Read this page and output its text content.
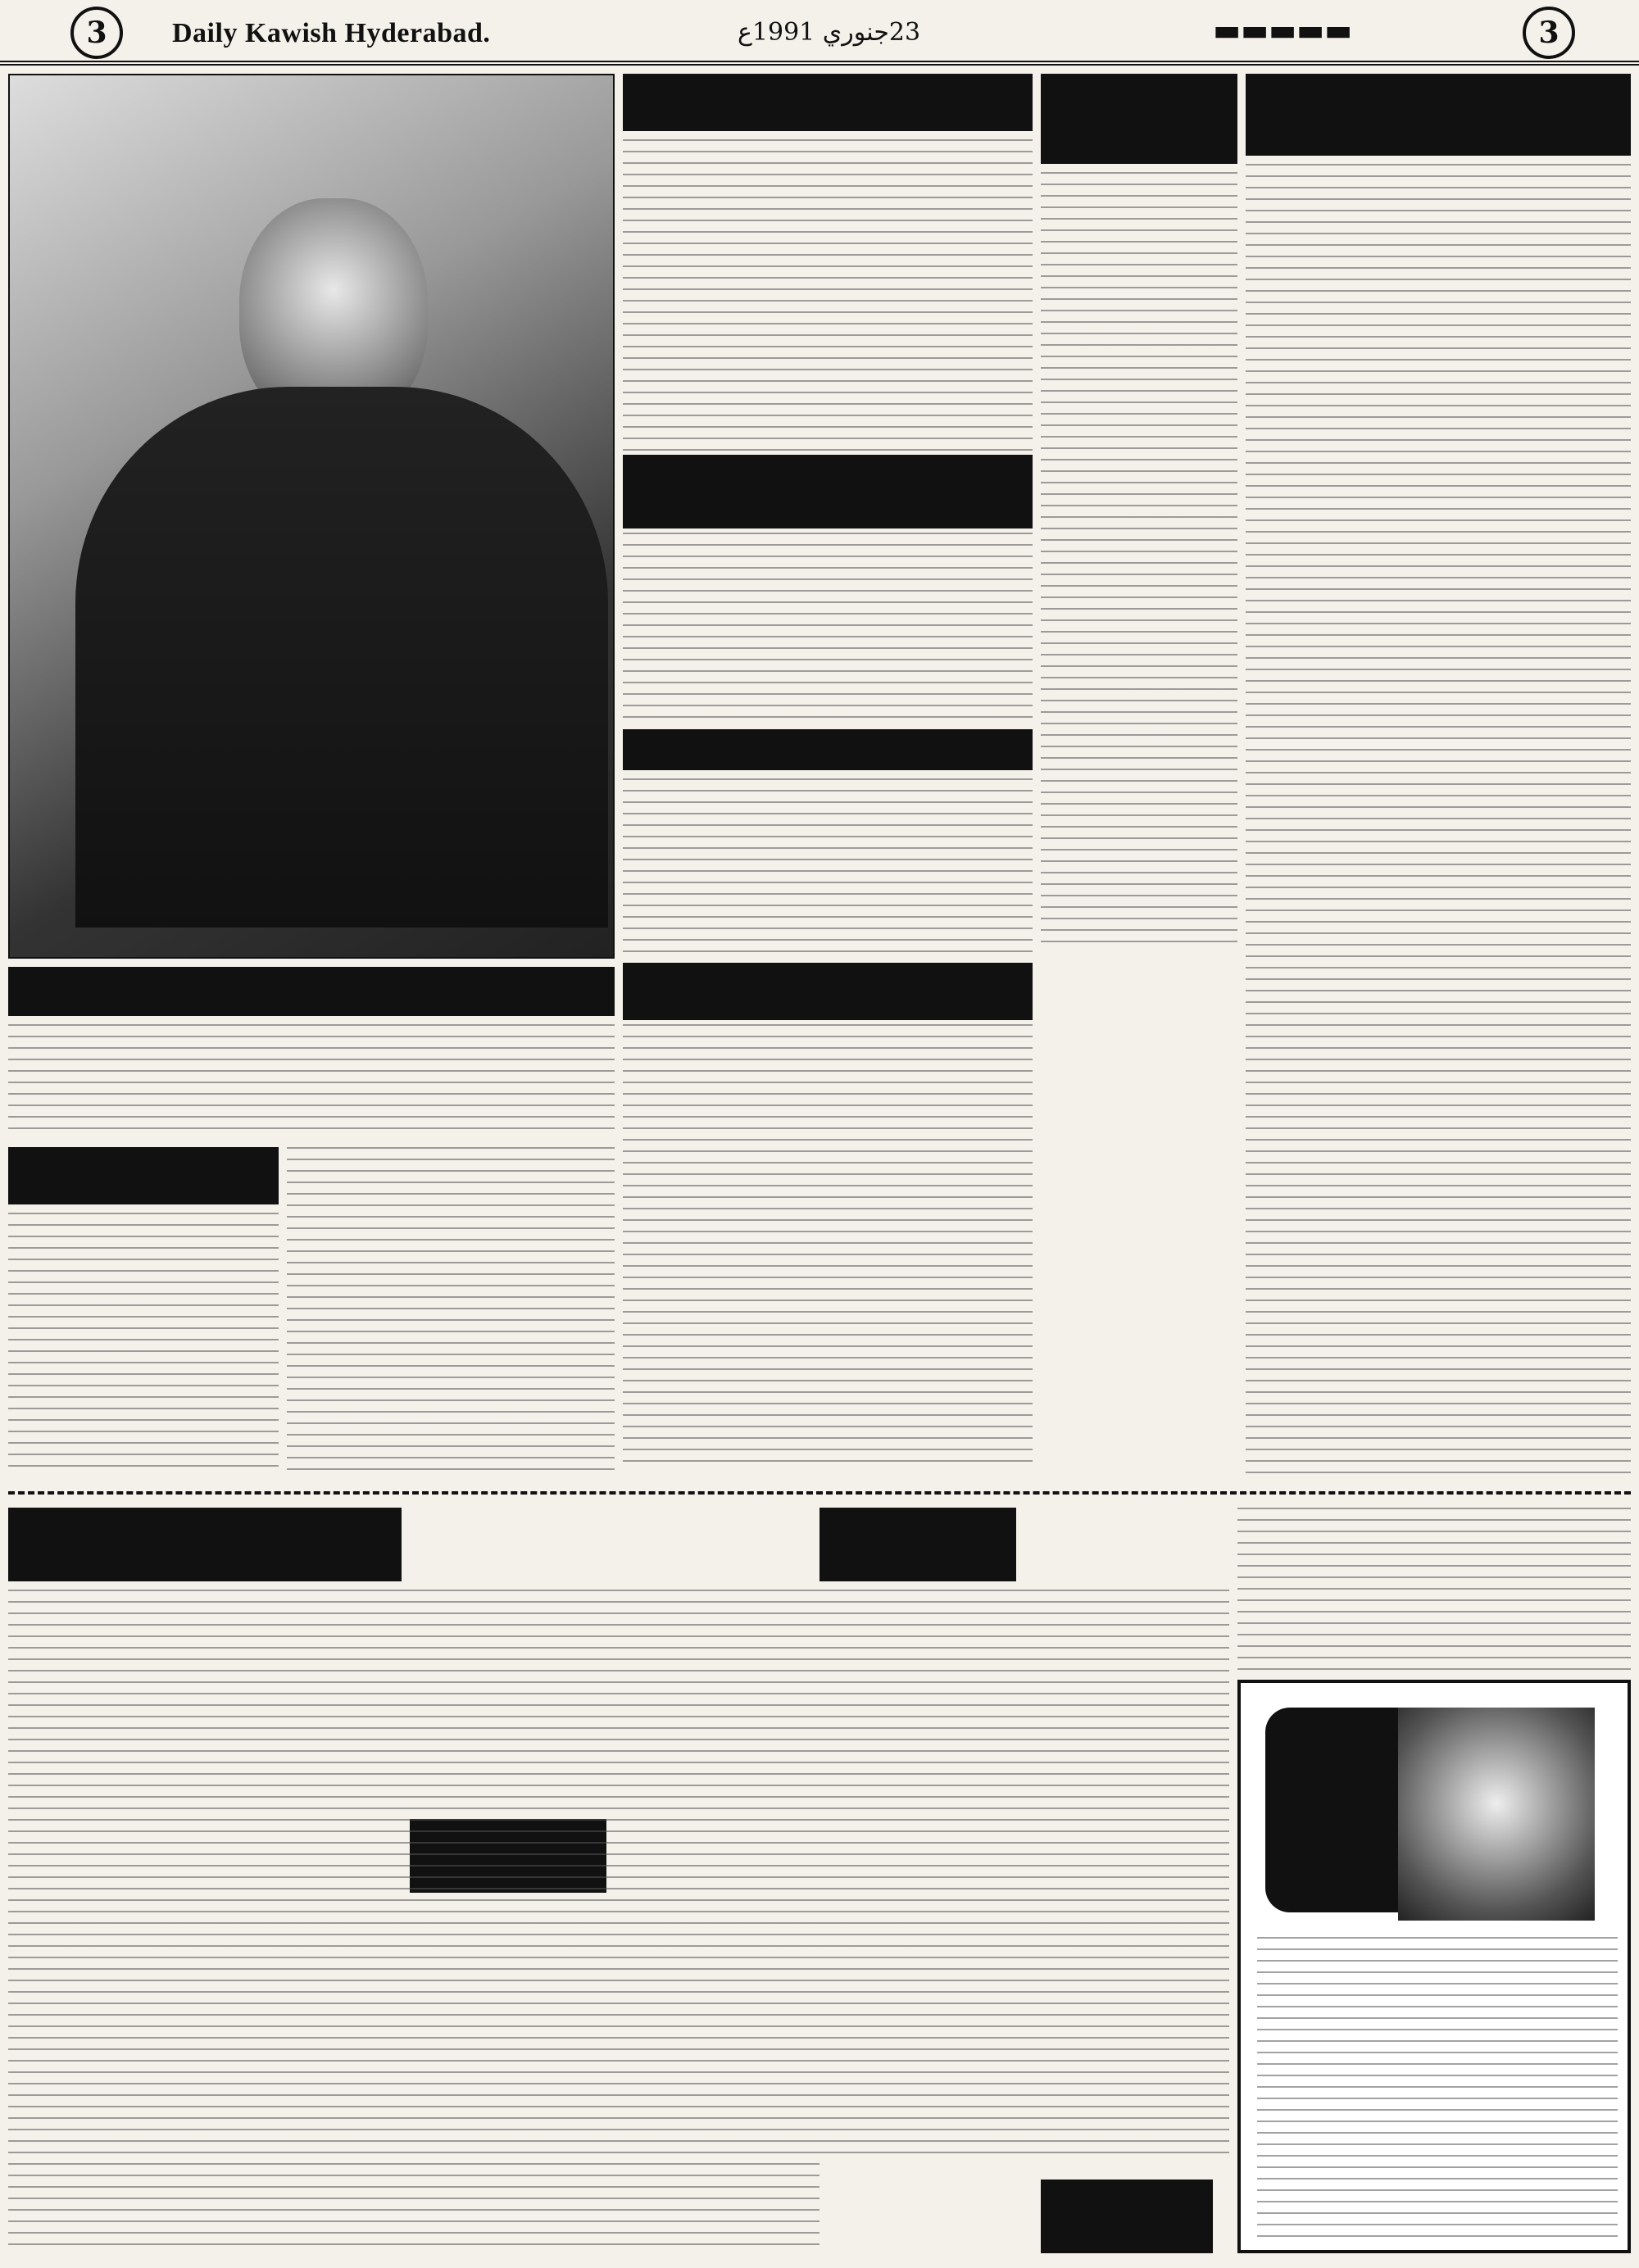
3	Daily Kawish Hyderabad.	23جنوري 1991ع	▬▬▬▬▬	3
